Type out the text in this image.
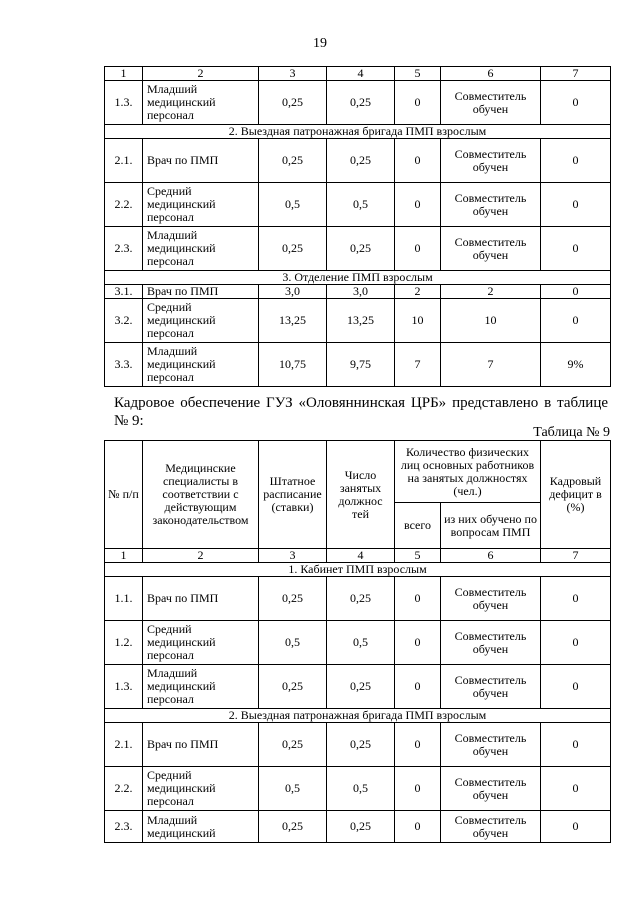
19
1	2	3	4	5	6	7
1.3.	Младший медицинский персонал	0,25	0,25	0	Совместитель обучен	0
2. Выездная патронажная бригада ПМП взрослым						
2.1.	Врач по ПМП	0,25	0,25	0	Совместитель обучен	0
2.2.	Средний медицинский персонал	0,5	0,5	0	Совместитель обучен	0
2.3.	Младший медицинский персонал	0,25	0,25	0	Совместитель обучен	0
3. Отделение ПМП взрослым						
3.1.	Врач по ПМП	3,0	3,0	2	2	0
3.2.	Средний медицинский персонал	13,25	13,25	10	10	0
3.3.	Младший медицинский персонал	10,75	9,75	7	7	9%
Кадровое обеспечение ГУЗ «Оловяннинская ЦРБ» представлено в таблице № 9:
Таблица № 9
№ п/п	Медицинские специалисты в соответствии с действующим законодательством	Штатное расписание (ставки)	Число занятых должнос тей	Количество физических лиц основных работников на занятых должностях (чел.)		Кадровый дефицит в (%)
				всего	из них обучено по вопросам ПМП	
1	2	3	4	5	6	7
1. Кабинет ПМП взрослым						
1.1.	Врач по ПМП	0,25	0,25	0	Совместитель обучен	0
1.2.	Средний медицинский персонал	0,5	0,5	0	Совместитель обучен	0
1.3.	Младший медицинский персонал	0,25	0,25	0	Совместитель обучен	0
2. Выездная патронажная бригада ПМП взрослым						
2.1.	Врач по ПМП	0,25	0,25	0	Совместитель обучен	0
2.2.	Средний медицинский персонал	0,5	0,5	0	Совместитель обучен	0
2.3.	Младший медицинский	0,25	0,25	0	Совместитель обучен	0
